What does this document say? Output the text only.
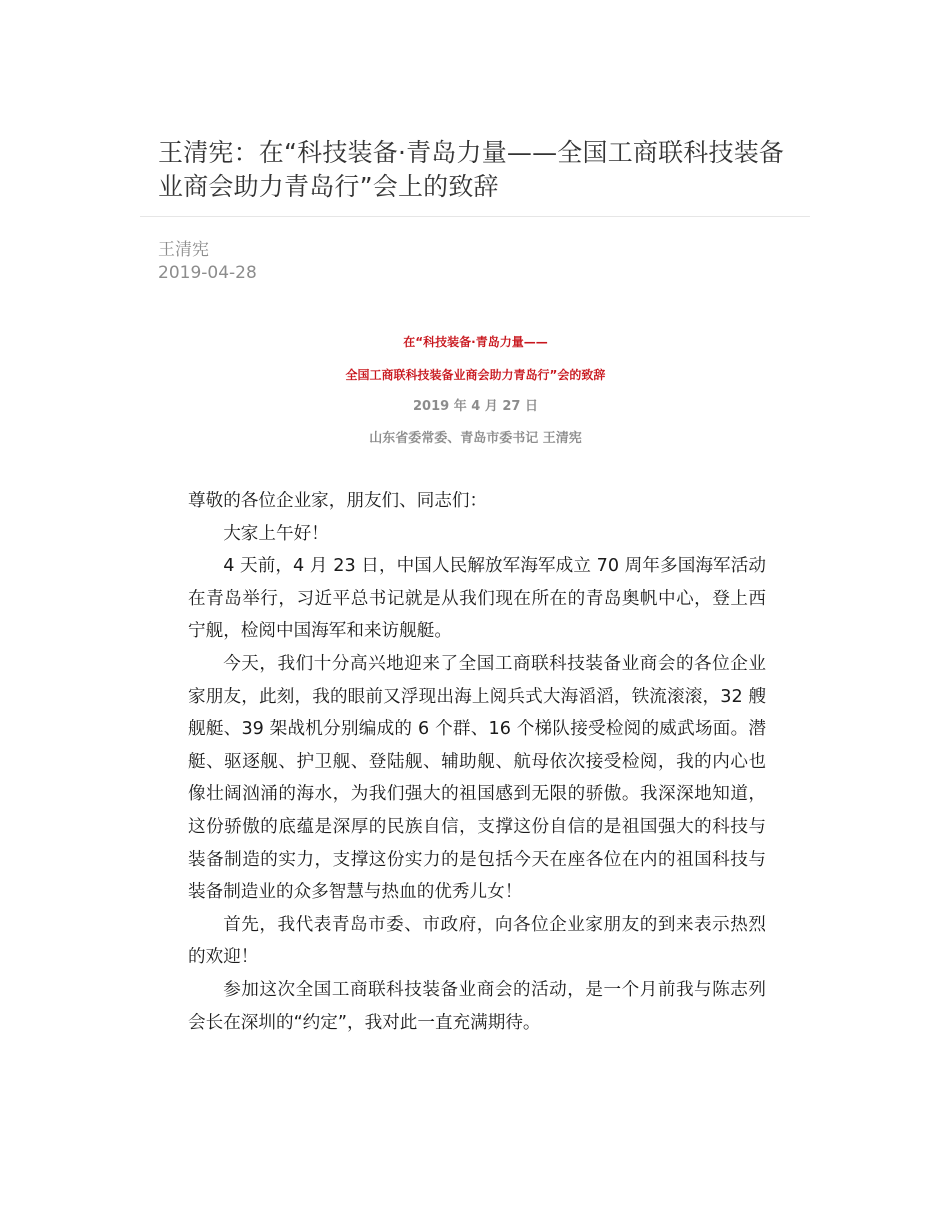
王清宪：在“科技装备·青岛力量——全国工商联科技装备业商会助力青岛行”会上的致辞
王清宪
2019-04-28
在“科技装备·青岛力量——
全国工商联科技装备业商会助力青岛行”会的致辞
2019 年 4 月 27 日
山东省委常委、青岛市委书记 王清宪

尊敬的各位企业家，朋友们、同志们：

大家上午好！

4 天前，4 月 23 日，中国人民解放军海军成立 70 周年多国海军活动在青岛举行，习近平总书记就是从我们现在所在的青岛奥帆中心，登上西宁舰，检阅中国海军和来访舰艇。

今天，我们十分高兴地迎来了全国工商联科技装备业商会的各位企业家朋友，此刻，我的眼前又浮现出海上阅兵式大海滔滔，铁流滚滚，32 艘舰艇、39 架战机分别编成的 6 个群、16 个梯队接受检阅的威武场面。潜艇、驱逐舰、护卫舰、登陆舰、辅助舰、航母依次接受检阅，我的内心也像壮阔汹涌的海水，为我们强大的祖国感到无限的骄傲。我深深地知道，这份骄傲的底蕴是深厚的民族自信，支撑这份自信的是祖国强大的科技与装备制造的实力，支撑这份实力的是包括今天在座各位在内的祖国科技与装备制造业的众多智慧与热血的优秀儿女！

首先，我代表青岛市委、市政府，向各位企业家朋友的到来表示热烈的欢迎！

参加这次全国工商联科技装备业商会的活动，是一个月前我与陈志列会长在深圳的“约定”，我对此一直充满期待。
